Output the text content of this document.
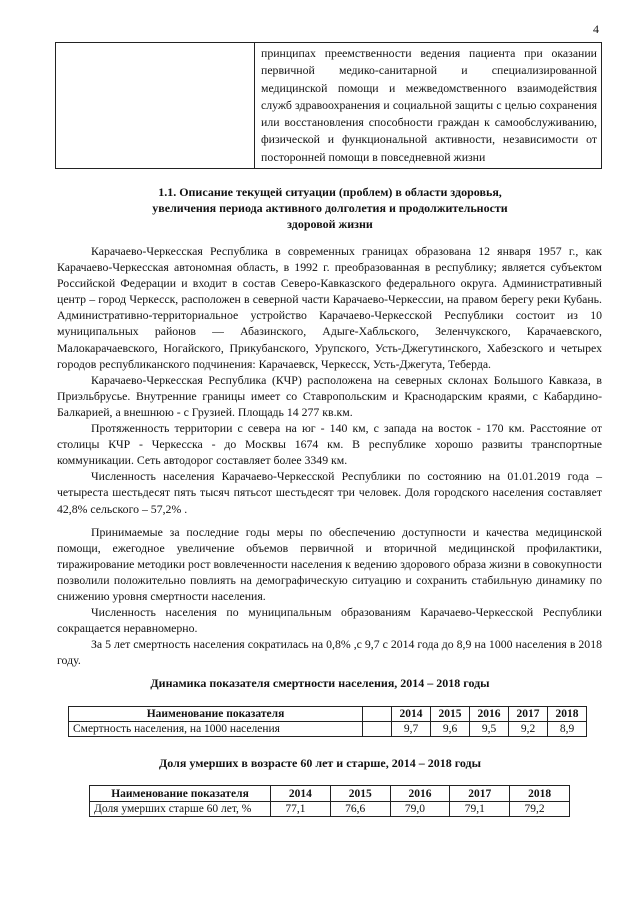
4
	принципах преемственности ведения пациента при оказании первичной медико-санитарной и специализированной медицинской помощи и межведомственного взаимодействия служб здравоохранения и социальной защиты с целью сохранения или восстановления способности граждан к самообслуживанию, физической и функциональной активности, независимости от посторонней помощи в повседневной жизни
1.1. Описание текущей ситуации (проблем) в области здоровья,
увеличения периода активного долголетия и продолжительности
здоровой жизни

Карачаево-Черкесская Республика в современных границах образована 12 января 1957 г., как Карачаево-Черкесская автономная область, в 1992 г. преобразованная в республику; является субъектом Российской Федерации и входит в состав Северо-Кавказского федерального округа. Административный центр – город Черкесск, расположен в северной части Карачаево-Черкессии, на правом берегу реки Кубань. Административно-территориальное устройство Карачаево-Черкесской Республики состоит из 10 муниципальных районов — Абазинского, Адыге-Хабльского, Зеленчукского, Карачаевского, Малокарачаевского, Ногайского, Прикубанского, Урупского, Усть-Джегутинского, Хабезского и четырех городов республиканского подчинения: Карачаевск, Черкесск, Усть-Джегута, Теберда.

Карачаево-Черкесская Республика (КЧР) расположена на северных склонах Большого Кавказа, в Приэльбрусье. Внутренние границы имеет со Ставропольским и Краснодарским краями, с Кабардино-Балкарией, а внешнюю - с Грузией. Площадь 14 277 кв.км.

Протяженность территории с севера на юг - 140 км, с запада на восток - 170 км. Расстояние от столицы КЧР - Черкесска - до Москвы 1674 км. В республике хорошо развиты транспортные коммуникации. Сеть автодорог составляет более 3349 км.

Численность населения Карачаево-Черкесской Республики по состоянию на 01.01.2019 года – четыреста шестьдесят пять тысяч пятьсот шестьдесят три человек. Доля городского населения составляет 42,8% сельского – 57,2% .

Принимаемые за последние годы меры по обеспечению доступности и качества медицинской помощи, ежегодное увеличение объемов первичной и вторичной медицинской профилактики, тиражирование методики рост вовлеченности населения к ведению здорового образа жизни в совокупности позволили положительно повлиять на демографическую ситуацию и сохранить стабильную динамику по снижению уровня смертности населения.

Численность населения по муниципальным образованиям Карачаево-Черкесской Республики сокращается неравномерно.

За 5 лет смертность населения сократилась на 0,8% ,с 9,7 с 2014 года до 8,9 на 1000 населения в 2018 году.

Динамика показателя смертности населения, 2014 – 2018 годы
Наименование показателя		2014	2015	2016	2017	2018
Смертность населения, на 1000 населения		9,7	9,6	9,5	9,2	8,9
Доля умерших в возрасте 60 лет и старше, 2014 – 2018 годы
Наименование показателя	2014	2015	2016	2017	2018
Доля умерших старше 60 лет, %	77,1	76,6	79,0	79,1	79,2
